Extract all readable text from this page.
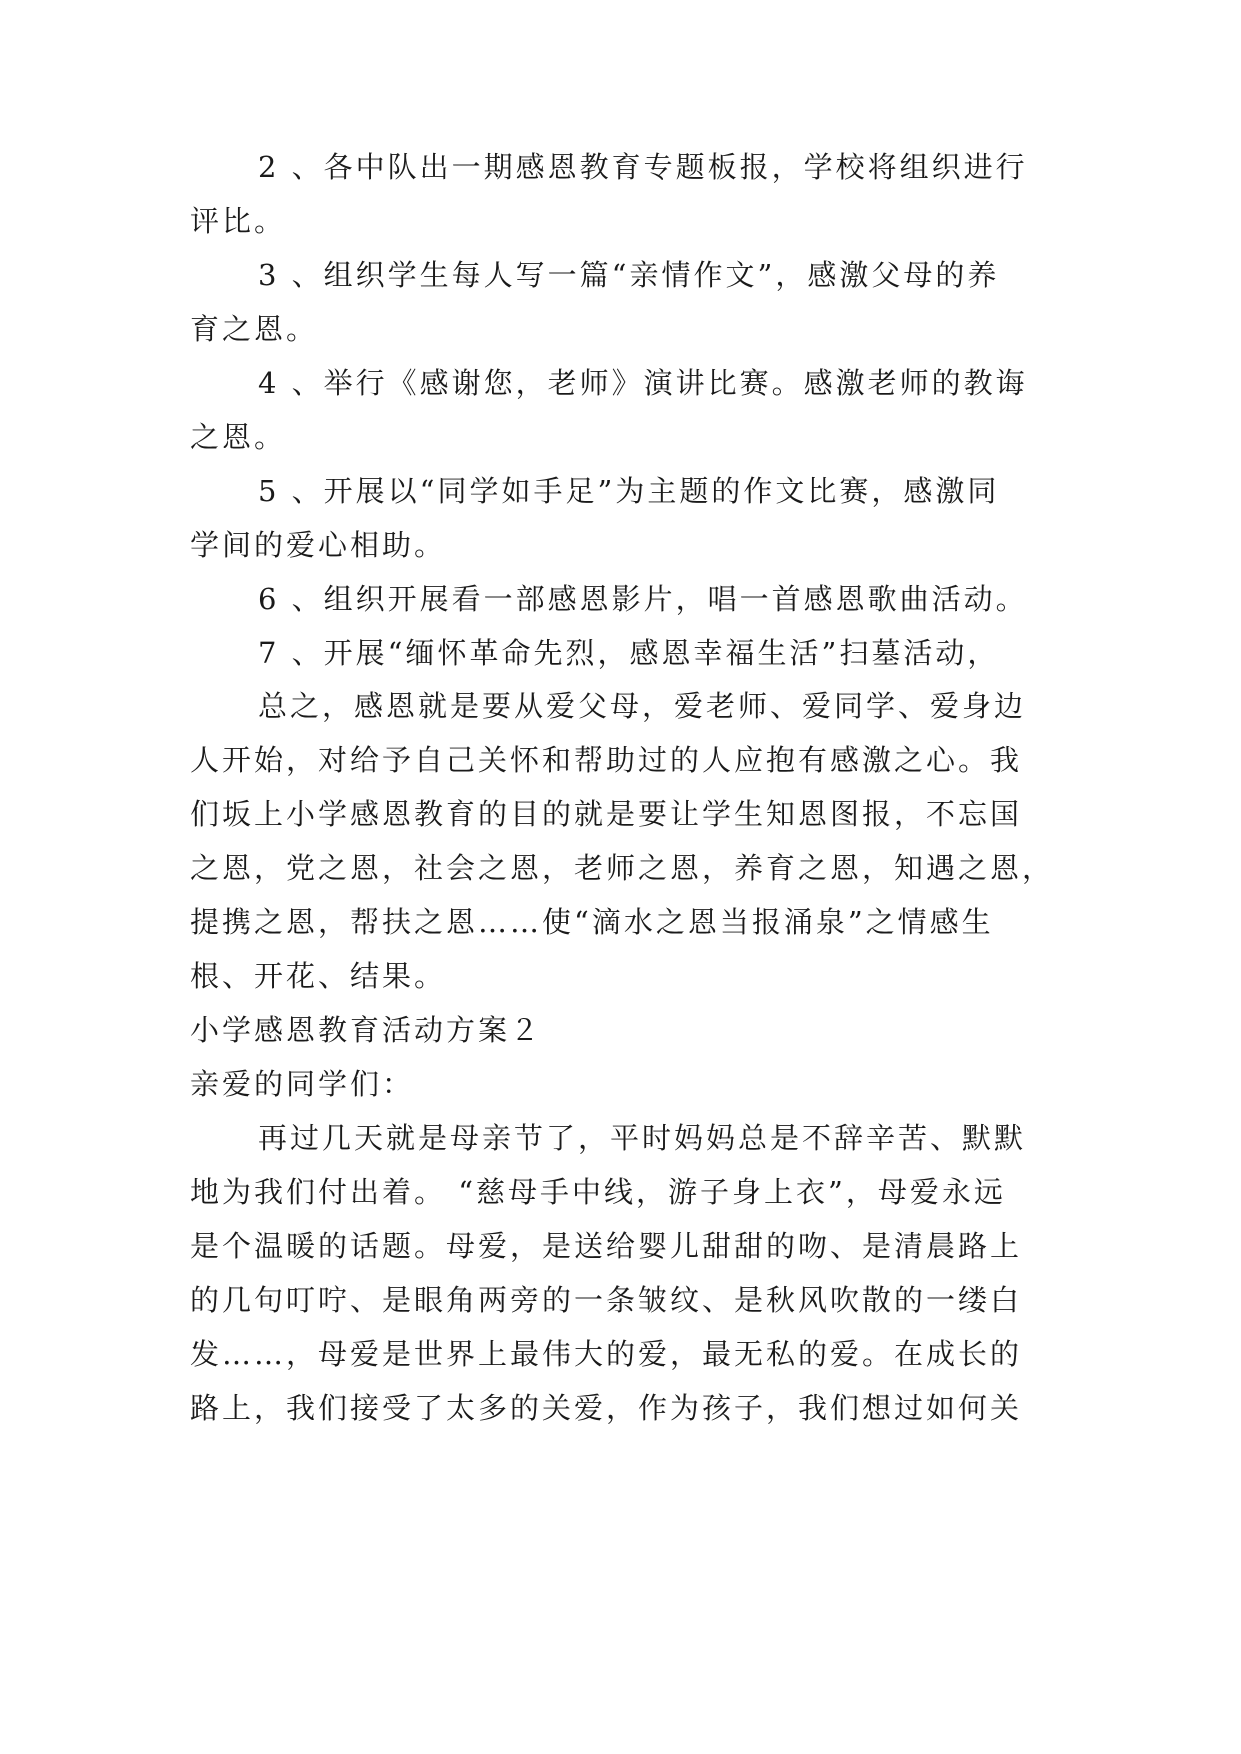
2 、各中队出一期感恩教育专题板报，学校将组织进行
评比。
3 、组织学生每人写一篇“亲情作文”，感激父母的养
育之恩。
4 、举行《感谢您，老师》演讲比赛。感激老师的教诲
之恩。
5 、开展以“同学如手足”为主题的作文比赛，感激同
学间的爱心相助。
6 、组织开展看一部感恩影片，唱一首感恩歌曲活动。
7 、开展“缅怀革命先烈，感恩幸福生活”扫墓活动，
总之，感恩就是要从爱父母，爱老师、爱同学、爱身边
人开始，对给予自己关怀和帮助过的人应抱有感激之心。我
们坂上小学感恩教育的目的就是要让学生知恩图报，不忘国
之恩，党之恩，社会之恩，老师之恩，养育之恩，知遇之恩，
提携之恩，帮扶之恩……使“滴水之恩当报涌泉”之情感生
根、开花、结果。
小学感恩教育活动方案２
亲爱的同学们：
再过几天就是母亲节了，平时妈妈总是不辞辛苦、默默
地为我们付出着。 “慈母手中线，游子身上衣”，母爱永远
是个温暖的话题。母爱，是送给婴儿甜甜的吻、是清晨路上
的几句叮咛、是眼角两旁的一条皱纹、是秋风吹散的一缕白
发……，母爱是世界上最伟大的爱，最无私的爱。在成长的
路上，我们接受了太多的关爱，作为孩子，我们想过如何关
